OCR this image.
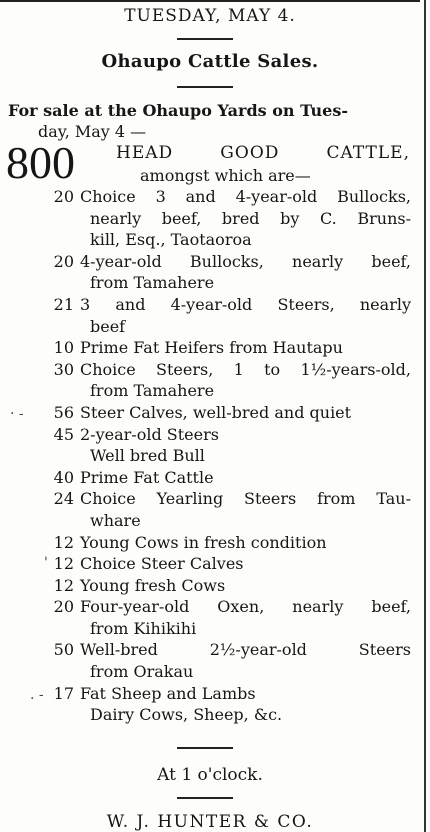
TUESDAY, MAY 4.
Ohaupo Cattle Sales.
For sale at the Ohaupo Yards on Tues-
day, May 4 —
800 HEAD	GOOD	CATTLE,
amongst which are—
20 Choice 3 and 4-year-old Bullocks,
nearly beef, bred by C. Bruns-
kill, Esq., Taotaoroa
20 4-year-old Bullocks, nearly beef,
from Tamahere
21 3 and 4-year-old Steers, nearly
beef
10 Prime Fat Heifers from Hautapu
30 Choice Steers, 1 to 1½-years-old,
from Tamahere
· -	56 Steer Calves, well-bred and quiet
45 2-year-old Steers
Well bred Bull
40 Prime Fat Cattle
24 Choice Yearling Steers from Tau-
whare
12 Young Cows in fresh condition
' 12 Choice Steer Calves
12 Young fresh Cows
20 Four-year-old Oxen, nearly beef,
from Kihikihi
50 Well-bred 2½-year-old Steers
from Orakau
. - 17 Fat Sheep and Lambs
Dairy Cows, Sheep, &c.
At 1 o'clock.
W. J. HUNTER & CO.
